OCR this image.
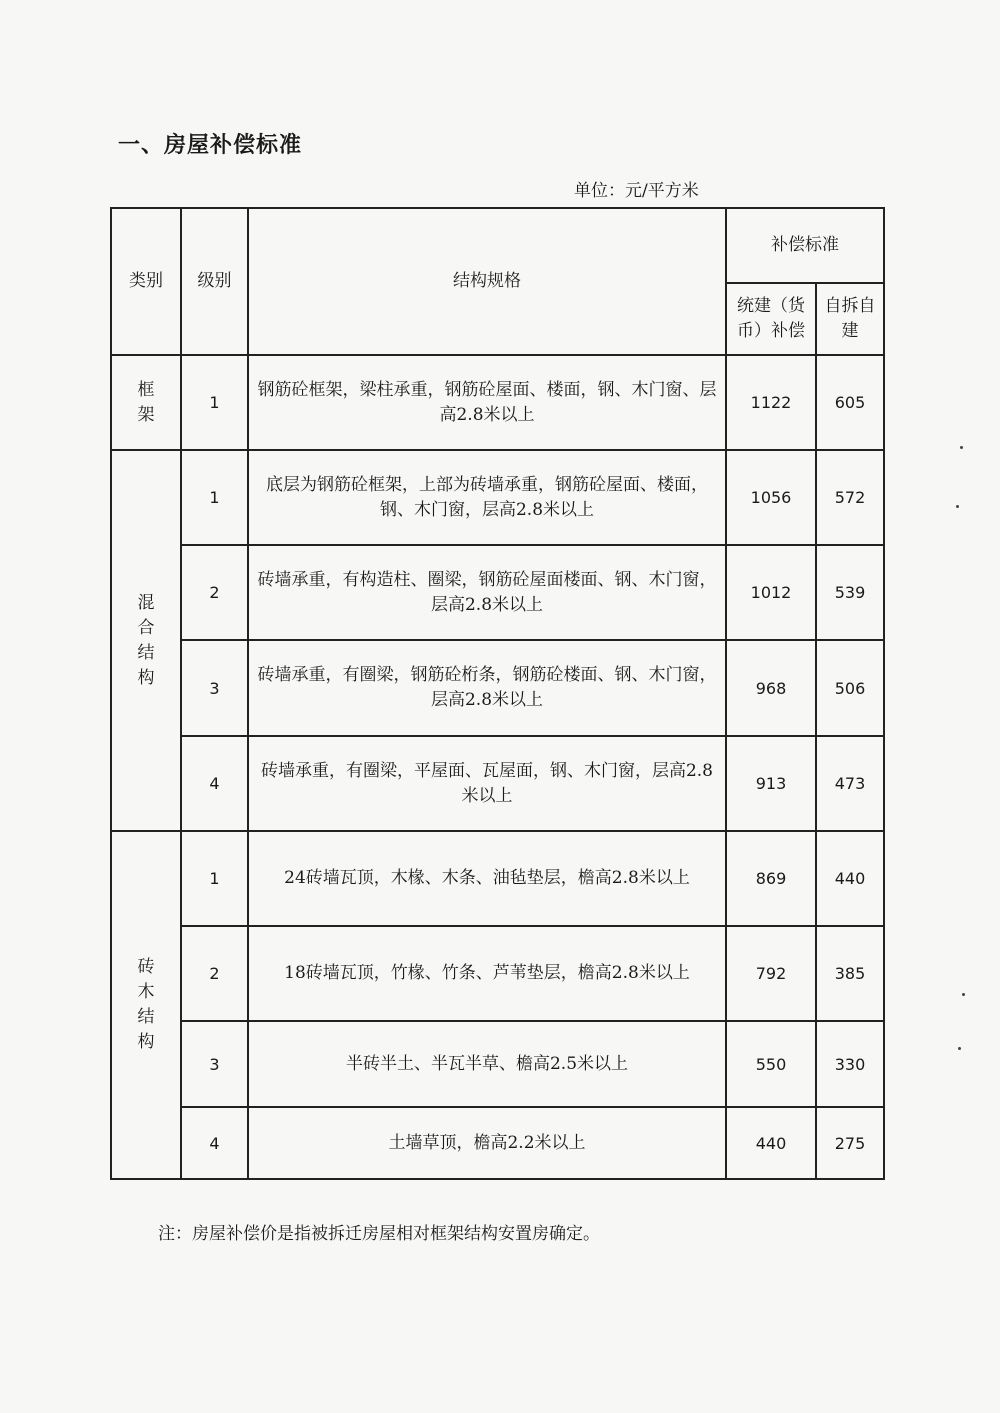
一、房屋补偿标准
单位：元/平方米
类别	级别	结构规格	补偿标准	
			统建（货币）补偿	自拆自建

框
架	1	钢筋砼框架，梁柱承重，钢筋砼屋面、楼面，钢、木门窗、层高2.8米以上	1122	605

混
合
结
构	1	底层为钢筋砼框架，上部为砖墙承重，钢筋砼屋面、楼面，钢、木门窗，层高2.8米以上	1056	572
	2	砖墙承重，有构造柱、圈梁，钢筋砼屋面楼面、钢、木门窗，层高2.8米以上	1012	539
	3	砖墙承重，有圈梁，钢筋砼桁条，钢筋砼楼面、钢、木门窗，层高2.8米以上	968	506
	4	砖墙承重，有圈梁，平屋面、瓦屋面，钢、木门窗，层高2.8米以上	913	473

砖
木
结
构	1	24砖墙瓦顶，木椽、木条、油毡垫层，檐高2.8米以上	869	440
	2	18砖墙瓦顶，竹椽、竹条、芦苇垫层，檐高2.8米以上	792	385
	3	半砖半土、半瓦半草、檐高2.5米以上	550	330
	4	土墙草顶，檐高2.2米以上	440	275
注：房屋补偿价是指被拆迁房屋相对框架结构安置房确定。
